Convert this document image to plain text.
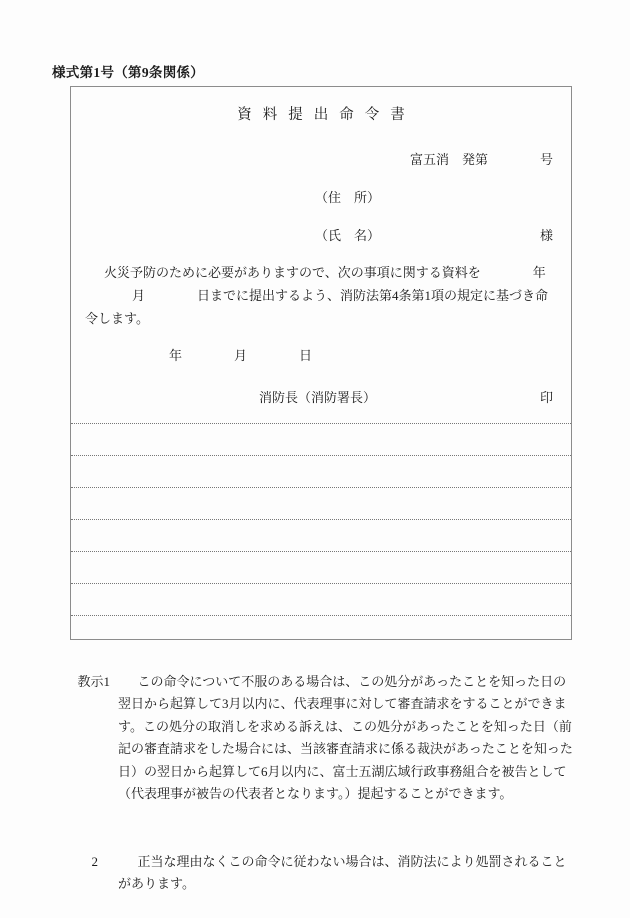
様式第1号（第9条関係）
資料提出命令書
富五消　発第　　　　号
（住　所）
（氏　名）	様
火災予防のために必要がありますので、次の事項に関する資料を　　　　年
月　　　　日までに提出するよう、消防法第4条第1項の規定に基づき命
令します。
年　　　　月　　　　日
消防長（消防署長）	印

教示1 この命令について不服のある場合は、この処分があったことを知った日の翌日から起算して3月以内に、代表理事に対して審査請求をすることができます。この処分の取消しを求める訴えは、この処分があったことを知った日（前記の審査請求をした場合には、当該審査請求に係る裁決があったことを知った日）の翌日から起算して6月以内に、富士五湖広域行政事務組合を被告として（代表理事が被告の代表者となります。）提起することができます。

2	正当な理由なくこの命令に従わない場合は、消防法により処罰されることがあります。
